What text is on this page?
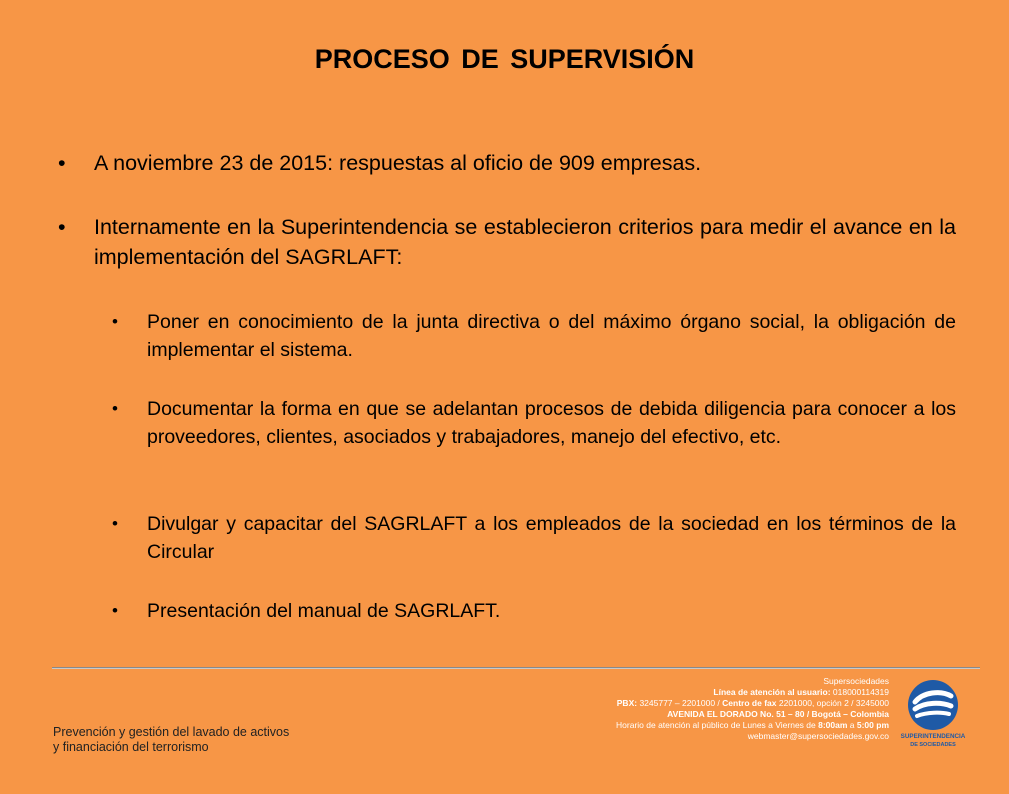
PROCESO DE SUPERVISIÓN
• A noviembre 23 de 2015: respuestas al oficio de 909 empresas.
• Internamente en la Superintendencia se establecieron criterios para medir el avance en la implementación del SAGRLAFT:
• Poner en conocimiento de la junta directiva o del máximo órgano social, la obligación de implementar el sistema.
• Documentar la forma en que se adelantan procesos de debida diligencia para conocer a los proveedores, clientes, asociados y trabajadores, manejo del efectivo, etc.
• Divulgar y capacitar del SAGRLAFT a los empleados de la sociedad en los términos de la Circular
• Presentación del manual de SAGRLAFT.
Prevención y gestión del lavado de activos
y financiación del terrorismo
Supersociedades
Línea de atención al usuario: 018000114319
PBX: 3245777 – 2201000 / Centro de fax 2201000, opción 2 / 3245000
AVENIDA EL DORADO No. 51 – 80 / Bogotá – Colombia
Horario de atención al público de Lunes a Viernes de 8:00am a 5:00 pm
webmaster@supersociedades.gov.co SUPERINTENDENCIA
DE SOCIEDADES
